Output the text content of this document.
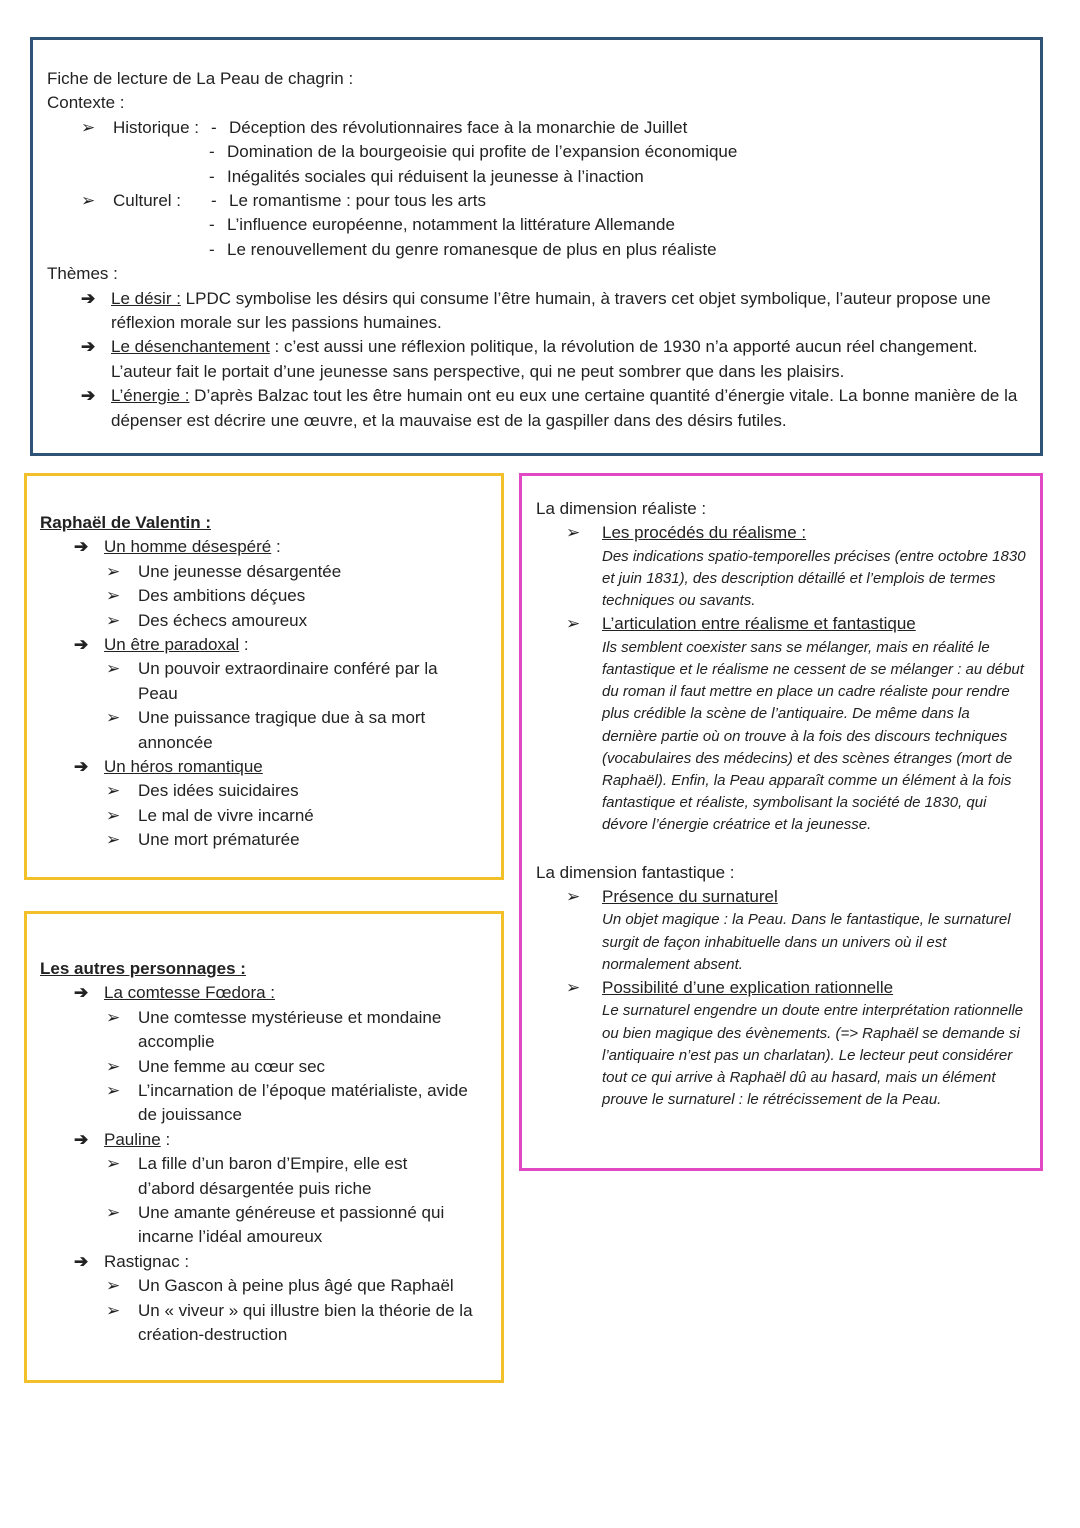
Fiche de lecture de La Peau de chagrin :
Contexte :
➢	Historique : - Déception des révolutionnaires face à la monarchie de Juillet
- Domination de la bourgeoisie qui profite de l’expansion économique
- Inégalités sociales qui réduisent la jeunesse à l’inaction
➢	Culturel :	- Le romantisme : pour tous les arts
- L’influence européenne, notamment la littérature Allemande
- Le renouvellement du genre romanesque de plus en plus réaliste
Thèmes :
➔ Le désir : LPDC symbolise les désirs qui consume l’être humain, à travers cet objet symbolique, l’auteur propose une réflexion morale sur les passions humaines.
➔ Le désenchantement : c’est aussi une réflexion politique, la révolution de 1930 n’a apporté aucun réel changement. L’auteur fait le portait d’une jeunesse sans perspective, qui ne peut sombrer que dans les plaisirs.
➔ L’énergie : D’après Balzac tout les être humain ont eu eux une certaine quantité d’énergie vitale. La bonne manière de la dépenser est décrire une œuvre, et la mauvaise est de la gaspiller dans des désirs futiles.
Raphaël de Valentin :
➔ Un homme désespéré :
➢ Une jeunesse désargentée
➢ Des ambitions déçues
➢ Des échecs amoureux
➔ Un être paradoxal :
➢	Un pouvoir extraordinaire conféré par la Peau
➢	Une puissance tragique due à sa mort annoncée
➔ Un héros romantique
➢ Des idées suicidaires
➢ Le mal de vivre incarné
➢ Une mort prématurée
Les autres personnages :
➔ La comtesse Fœdora :
➢	Une comtesse mystérieuse et mondaine accomplie
➢ Une femme au cœur sec
➢	L’incarnation de l’époque matérialiste, avide de jouissance
➔ Pauline :
➢	La fille d’un baron d’Empire, elle est d’abord désargentée puis riche
➢	Une amante généreuse et passionné qui incarne l’idéal amoureux
➔ Rastignac :
➢ Un Gascon à peine plus âgé que Raphaël
➢	Un « viveur » qui illustre bien la théorie de la création-destruction
La dimension réaliste :
➢	Les procédés du réalisme :
Des indications spatio-temporelles précises (entre octobre 1830 et juin 1831), des description détaillé et l’emplois de termes techniques ou savants.
➢	L’articulation entre réalisme et fantastique
Ils semblent coexister sans se mélanger, mais en réalité le fantastique et le réalisme ne cessent de se mélanger : au début du roman il faut mettre en place un cadre réaliste pour rendre plus crédible la scène de l’antiquaire. De même dans la dernière partie où on trouve à la fois des discours techniques (vocabulaires des médecins) et des scènes étranges (mort de Raphaël). Enfin, la Peau apparaît comme un élément à la fois fantastique et réaliste, symbolisant la société de 1830, qui dévore l’énergie créatrice et la jeunesse.
La dimension fantastique :
➢	Présence du surnaturel
Un objet magique : la Peau. Dans le fantastique, le surnaturel surgit de façon inhabituelle dans un univers où il est normalement absent.
➢	Possibilité d’une explication rationnelle
Le surnaturel engendre un doute entre interprétation rationnelle ou bien magique des évènements. (=> Raphaël se demande si l’antiquaire n’est pas un charlatan). Le lecteur peut considérer tout ce qui arrive à Raphaël dû au hasard, mais un élément prouve le surnaturel : le rétrécissement de la Peau.
